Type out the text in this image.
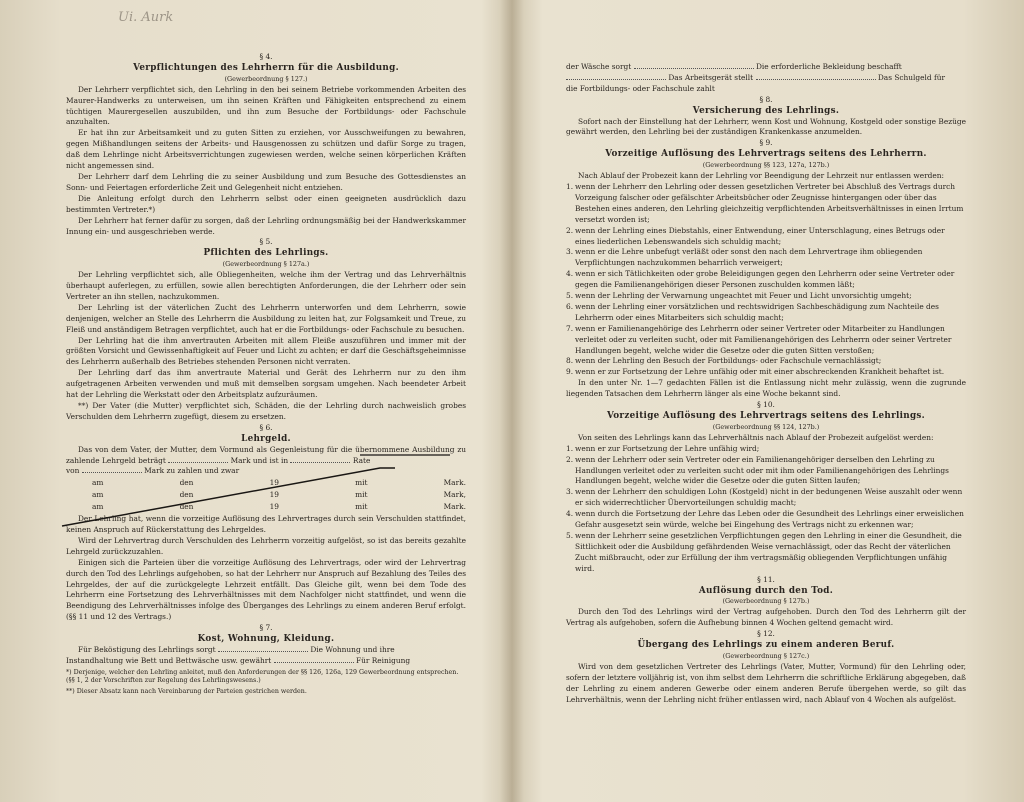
Ui. Aurk
§ 4.
Verpflichtungen des Lehrherrn für die Ausbildung.
(Gewerbeordnung § 127.)

Der Lehrherr verpflichtet sich, den Lehrling in den bei seinem Betriebe vorkommenden Arbeiten des Maurer-Handwerks zu unterweisen, um ihn seinen Kräften und Fähigkeiten entsprechend zu einem tüchtigen Maurergesellen auszubilden, und ihn zum Besuche der Fortbildungs- oder Fachschule anzuhalten.

Er hat ihn zur Arbeitsamkeit und zu guten Sitten zu erziehen, vor Ausschweifungen zu bewahren, gegen Mißhandlungen seitens der Arbeits- und Hausgenossen zu schützen und dafür Sorge zu tragen, daß dem Lehrlinge nicht Arbeitsverrichtungen zugewiesen werden, welche seinen körperlichen Kräften nicht angemessen sind.

Der Lehrherr darf dem Lehrling die zu seiner Ausbildung und zum Besuche des Gottesdienstes an Sonn- und Feiertagen erforderliche Zeit und Gelegenheit nicht entziehen.

Die Anleitung erfolgt durch den Lehrherrn selbst oder einen geeigneten ausdrücklich dazu bestimmten Vertreter.*)

Der Lehrherr hat ferner dafür zu sorgen, daß der Lehrling ordnungsmäßig bei der Handwerkskammer Innung ein- und ausgeschrieben werde.

§ 5.
Pflichten des Lehrlings.
(Gewerbeordnung § 127a.)

Der Lehrling verpflichtet sich, alle Obliegenheiten, welche ihm der Vertrag und das Lehrverhältnis überhaupt auferlegen, zu erfüllen, sowie allen berechtigten Anforderungen, die der Lehrherr oder sein Vertreter an ihn stellen, nachzukommen.

Der Lehrling ist der väterlichen Zucht des Lehrherrn unterworfen und dem Lehrherrn, sowie denjenigen, welcher an Stelle des Lehrherrn die Ausbildung zu leiten hat, zur Folgsamkeit und Treue, zu Fleiß und anständigem Betragen verpflichtet, auch hat er die Fortbildungs- oder Fachschule zu besuchen.

Der Lehrling hat die ihm anvertrauten Arbeiten mit allem Fleiße auszuführen und immer mit der größten Vorsicht und Gewissenhaftigkeit auf Feuer und Licht zu achten; er darf die Geschäftsgeheimnisse des Lehrherrn außerhalb des Betriebes stehenden Personen nicht verraten.

Der Lehrling darf das ihm anvertraute Material und Gerät des Lehrherrn nur zu den ihm aufgetragenen Arbeiten verwenden und muß mit demselben sorgsam umgehen. Nach beendeter Arbeit hat der Lehrling die Werkstatt oder den Arbeitsplatz aufzuräumen.

**) Der Vater (die Mutter) verpflichtet sich, Schäden, die der Lehrling durch nachweislich grobes Verschulden dem Lehrherrn zugefügt, diesem zu ersetzen.

§ 6.
Lehrgeld.

Das von dem Vater, der Mutter, dem Vormund als Gegenleistung für die übernommene Ausbildung zu zahlende Lehrgeld beträgt	Mark und ist in	Rate

von	Mark zu zahlen und zwar

am	den	19	mit	Mark.
am	den	19	mit	Mark,
am	den	19	mit	Mark.

Der Lehrling hat, wenn die vorzeitige Auflösung des Lehrvertrages durch sein Verschulden stattfindet, keinen Anspruch auf Rückerstattung des Lehrgeldes.

Wird der Lehrvertrag durch Verschulden des Lehrherrn vorzeitig aufgelöst, so ist das bereits gezahlte Lehrgeld zurückzuzahlen.

Einigen sich die Parteien über die vorzeitige Auflösung des Lehrvertrags, oder wird der Lehrvertrag durch den Tod des Lehrlings aufgehoben, so hat der Lehrherr nur Anspruch auf Bezahlung des Teiles des Lehrgeldes, der auf die zurückgelegte Lehrzeit entfällt. Das Gleiche gilt, wenn bei dem Tode des Lehrherrn eine Fortsetzung des Lehrverhältnisses mit dem Nachfolger nicht stattfindet, und wenn die Beendigung des Lehrverhältnisses infolge des Überganges des Lehrlings zu einem anderen Beruf erfolgt. (§§ 11 und 12 des Vertrags.)

§ 7.
Kost, Wohnung, Kleidung.

Für Beköstigung des Lehrlings sorgt	Die Wohnung und ihre

Instandhaltung wie Bett und Bettwäsche usw. gewährt	Für Reinigung

*) Derjenige, welcher den Lehrling anleitet, muß den Anforderungen der §§ 126, 126a, 129 Gewerbeordnung entsprechen. (§§ 1, 2 der Vorschriften zur Regelung des Lehrlingswesens.)
**) Dieser Absatz kann nach Vereinbarung der Parteien gestrichen werden.

der Wäsche sorgt	Die erforderliche Bekleidung beschafft

Das Arbeitsgerät stellt	Das Schulgeld für

die Fortbildungs- oder Fachschule zahlt

§ 8.
Versicherung des Lehrlings.

Sofort nach der Einstellung hat der Lehrherr, wenn Kost und Wohnung, Kostgeld oder sonstige Bezüge gewährt werden, den Lehrling bei der zuständigen Krankenkasse anzumelden.

§ 9.
Vorzeitige Auflösung des Lehrvertrags seitens des Lehrherrn.
(Gewerbeordnung §§ 123, 127a, 127b.)

Nach Ablauf der Probezeit kann der Lehrling vor Beendigung der Lehrzeit nur entlassen werden:

1. wenn der Lehrherr den Lehrling oder dessen gesetzlichen Vertreter bei Abschluß des Vertrags durch Vorzeigung falscher oder gefälschter Arbeitsbücher oder Zeugnisse hintergangen oder über das Bestehen eines anderen, den Lehrling gleichzeitig verpflichtenden Arbeitsverhältnisses in einen Irrtum versetzt worden ist;
2. wenn der Lehrling eines Diebstahls, einer Entwendung, einer Unterschlagung, eines Betrugs oder eines liederlichen Lebenswandels sich schuldig macht;
3. wenn er die Lehre unbefugt verläßt oder sonst den nach dem Lehrvertrage ihm obliegenden Verpflichtungen nachzukommen beharrlich verweigert;
4. wenn er sich Tätlichkeiten oder grobe Beleidigungen gegen den Lehrherrn oder seine Vertreter oder gegen die Familienangehörigen dieser Personen zuschulden kommen läßt;
5. wenn der Lehrling der Verwarnung ungeachtet mit Feuer und Licht unvorsichtig umgeht;
6. wenn der Lehrling einer vorsätzlichen und rechtswidrigen Sachbeschädigung zum Nachteile des Lehrherrn oder eines Mitarbeiters sich schuldig macht;
7. wenn er Familienangehörige des Lehrherrn oder seiner Vertreter oder Mitarbeiter zu Handlungen verleitet oder zu verleiten sucht, oder mit Familienangehörigen des Lehrherrn oder seiner Vertreter Handlungen begeht, welche wider die Gesetze oder die guten Sitten verstoßen;
8. wenn der Lehrling den Besuch der Fortbildungs- oder Fachschule vernachlässigt;
9. wenn er zur Fortsetzung der Lehre unfähig oder mit einer abschreckenden Krankheit behaftet ist.

In den unter Nr. 1—7 gedachten Fällen ist die Entlassung nicht mehr zulässig, wenn die zugrunde liegenden Tatsachen dem Lehrherrn länger als eine Woche bekannt sind.

§ 10.
Vorzeitige Auflösung des Lehrvertrags seitens des Lehrlings.
(Gewerbeordnung §§ 124, 127b.)

Von seiten des Lehrlings kann das Lehrverhältnis nach Ablauf der Probezeit aufgelöst werden:

1. wenn er zur Fortsetzung der Lehre unfähig wird;
2. wenn der Lehrherr oder sein Vertreter oder ein Familienangehöriger derselben den Lehrling zu Handlungen verleitet oder zu verleiten sucht oder mit ihm oder Familienangehörigen des Lehrlings Handlungen begeht, welche wider die Gesetze oder die guten Sitten laufen;
3. wenn der Lehrherr den schuldigen Lohn (Kostgeld) nicht in der bedungenen Weise auszahlt oder wenn er sich widerrechtlicher Übervorteilungen schuldig macht;
4. wenn durch die Fortsetzung der Lehre das Leben oder die Gesundheit des Lehrlings einer erweislichen Gefahr ausgesetzt sein würde, welche bei Eingehung des Vertrags nicht zu erkennen war;
5. wenn der Lehrherr seine gesetzlichen Verpflichtungen gegen den Lehrling in einer die Gesundheit, die Sittlichkeit oder die Ausbildung gefährdenden Weise vernachlässigt, oder das Recht der väterlichen Zucht mißbraucht, oder zur Erfüllung der ihm vertragsmäßig obliegenden Verpflichtungen unfähig wird.
§ 11.
Auflösung durch den Tod.
(Gewerbeordnung § 127b.)

Durch den Tod des Lehrlings wird der Vertrag aufgehoben. Durch den Tod des Lehrherrn gilt der Vertrag als aufgehoben, sofern die Aufhebung binnen 4 Wochen geltend gemacht wird.

§ 12.
Übergang des Lehrlings zu einem anderen Beruf.
(Gewerbeordnung § 127c.)

Wird von dem gesetzlichen Vertreter des Lehrlings (Vater, Mutter, Vormund) für den Lehrling oder, sofern der letztere volljährig ist, von ihm selbst dem Lehrherrn die schriftliche Erklärung abgegeben, daß der Lehrling zu einem anderen Gewerbe oder einem anderen Berufe übergehen werde, so gilt das Lehrverhältnis, wenn der Lehrling nicht früher entlassen wird, nach Ablauf von 4 Wochen als aufgelöst.
